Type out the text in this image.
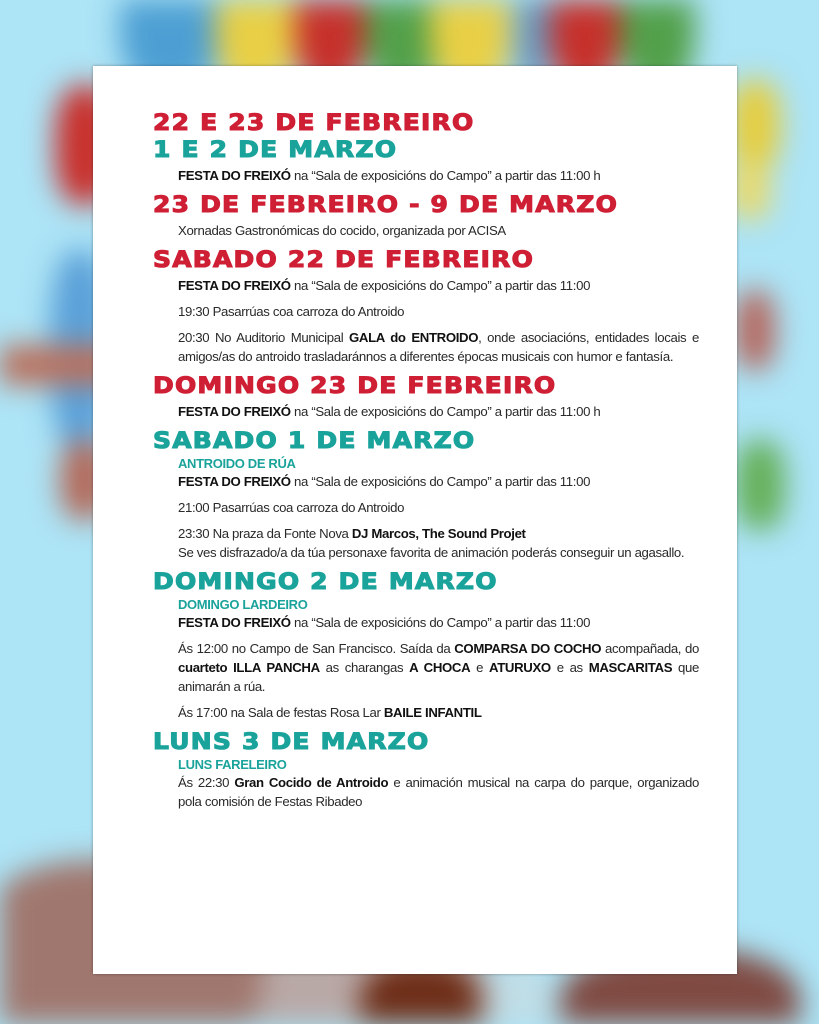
22 E 23 DE FEBREIRO
1 E 2 DE MARZO
FESTA DO FREIXÓ na “Sala de exposicións do Campo” a partir das 11:00 h
23 DE FEBREIRO - 9 DE MARZO
Xornadas Gastronómicas do cocido, organizada por ACISA
SABADO 22 DE FEBREIRO
FESTA DO FREIXÓ na “Sala de exposicións do Campo” a partir das 11:00
19:30 Pasarrúas coa carroza do Antroido
20:30 No Auditorio Municipal GALA do ENTROIDO, onde asociacións, entidades locais e amigos/as do antroido trasladaránnos a diferentes épocas musicais con humor e fantasía.
DOMINGO 23 DE FEBREIRO
FESTA DO FREIXÓ na “Sala de exposicións do Campo” a partir das 11:00 h
SABADO 1 DE MARZO
ANTROIDO DE RÚA
FESTA DO FREIXÓ na “Sala de exposicións do Campo” a partir das 11:00
21:00 Pasarrúas coa carroza do Antroido
23:30 Na praza da Fonte Nova DJ Marcos, The Sound Projet
Se ves disfrazado/a da túa personaxe favorita de animación poderás conseguir un agasallo.
DOMINGO 2 DE MARZO
DOMINGO LARDEIRO
FESTA DO FREIXÓ na “Sala de exposicións do Campo” a partir das 11:00
Ás 12:00 no Campo de San Francisco. Saída da COMPARSA DO COCHO acompañada, do cuarteto ILLA PANCHA as charangas A CHOCA e ATURUXO e as MASCARITAS que animarán a rúa.
Ás 17:00 na Sala de festas Rosa Lar BAILE INFANTIL
LUNS 3 DE MARZO
LUNS FARELEIRO
Ás 22:30 Gran Cocido de Antroido e animación musical na carpa do parque, organizado pola comisión de Festas Ribadeo
